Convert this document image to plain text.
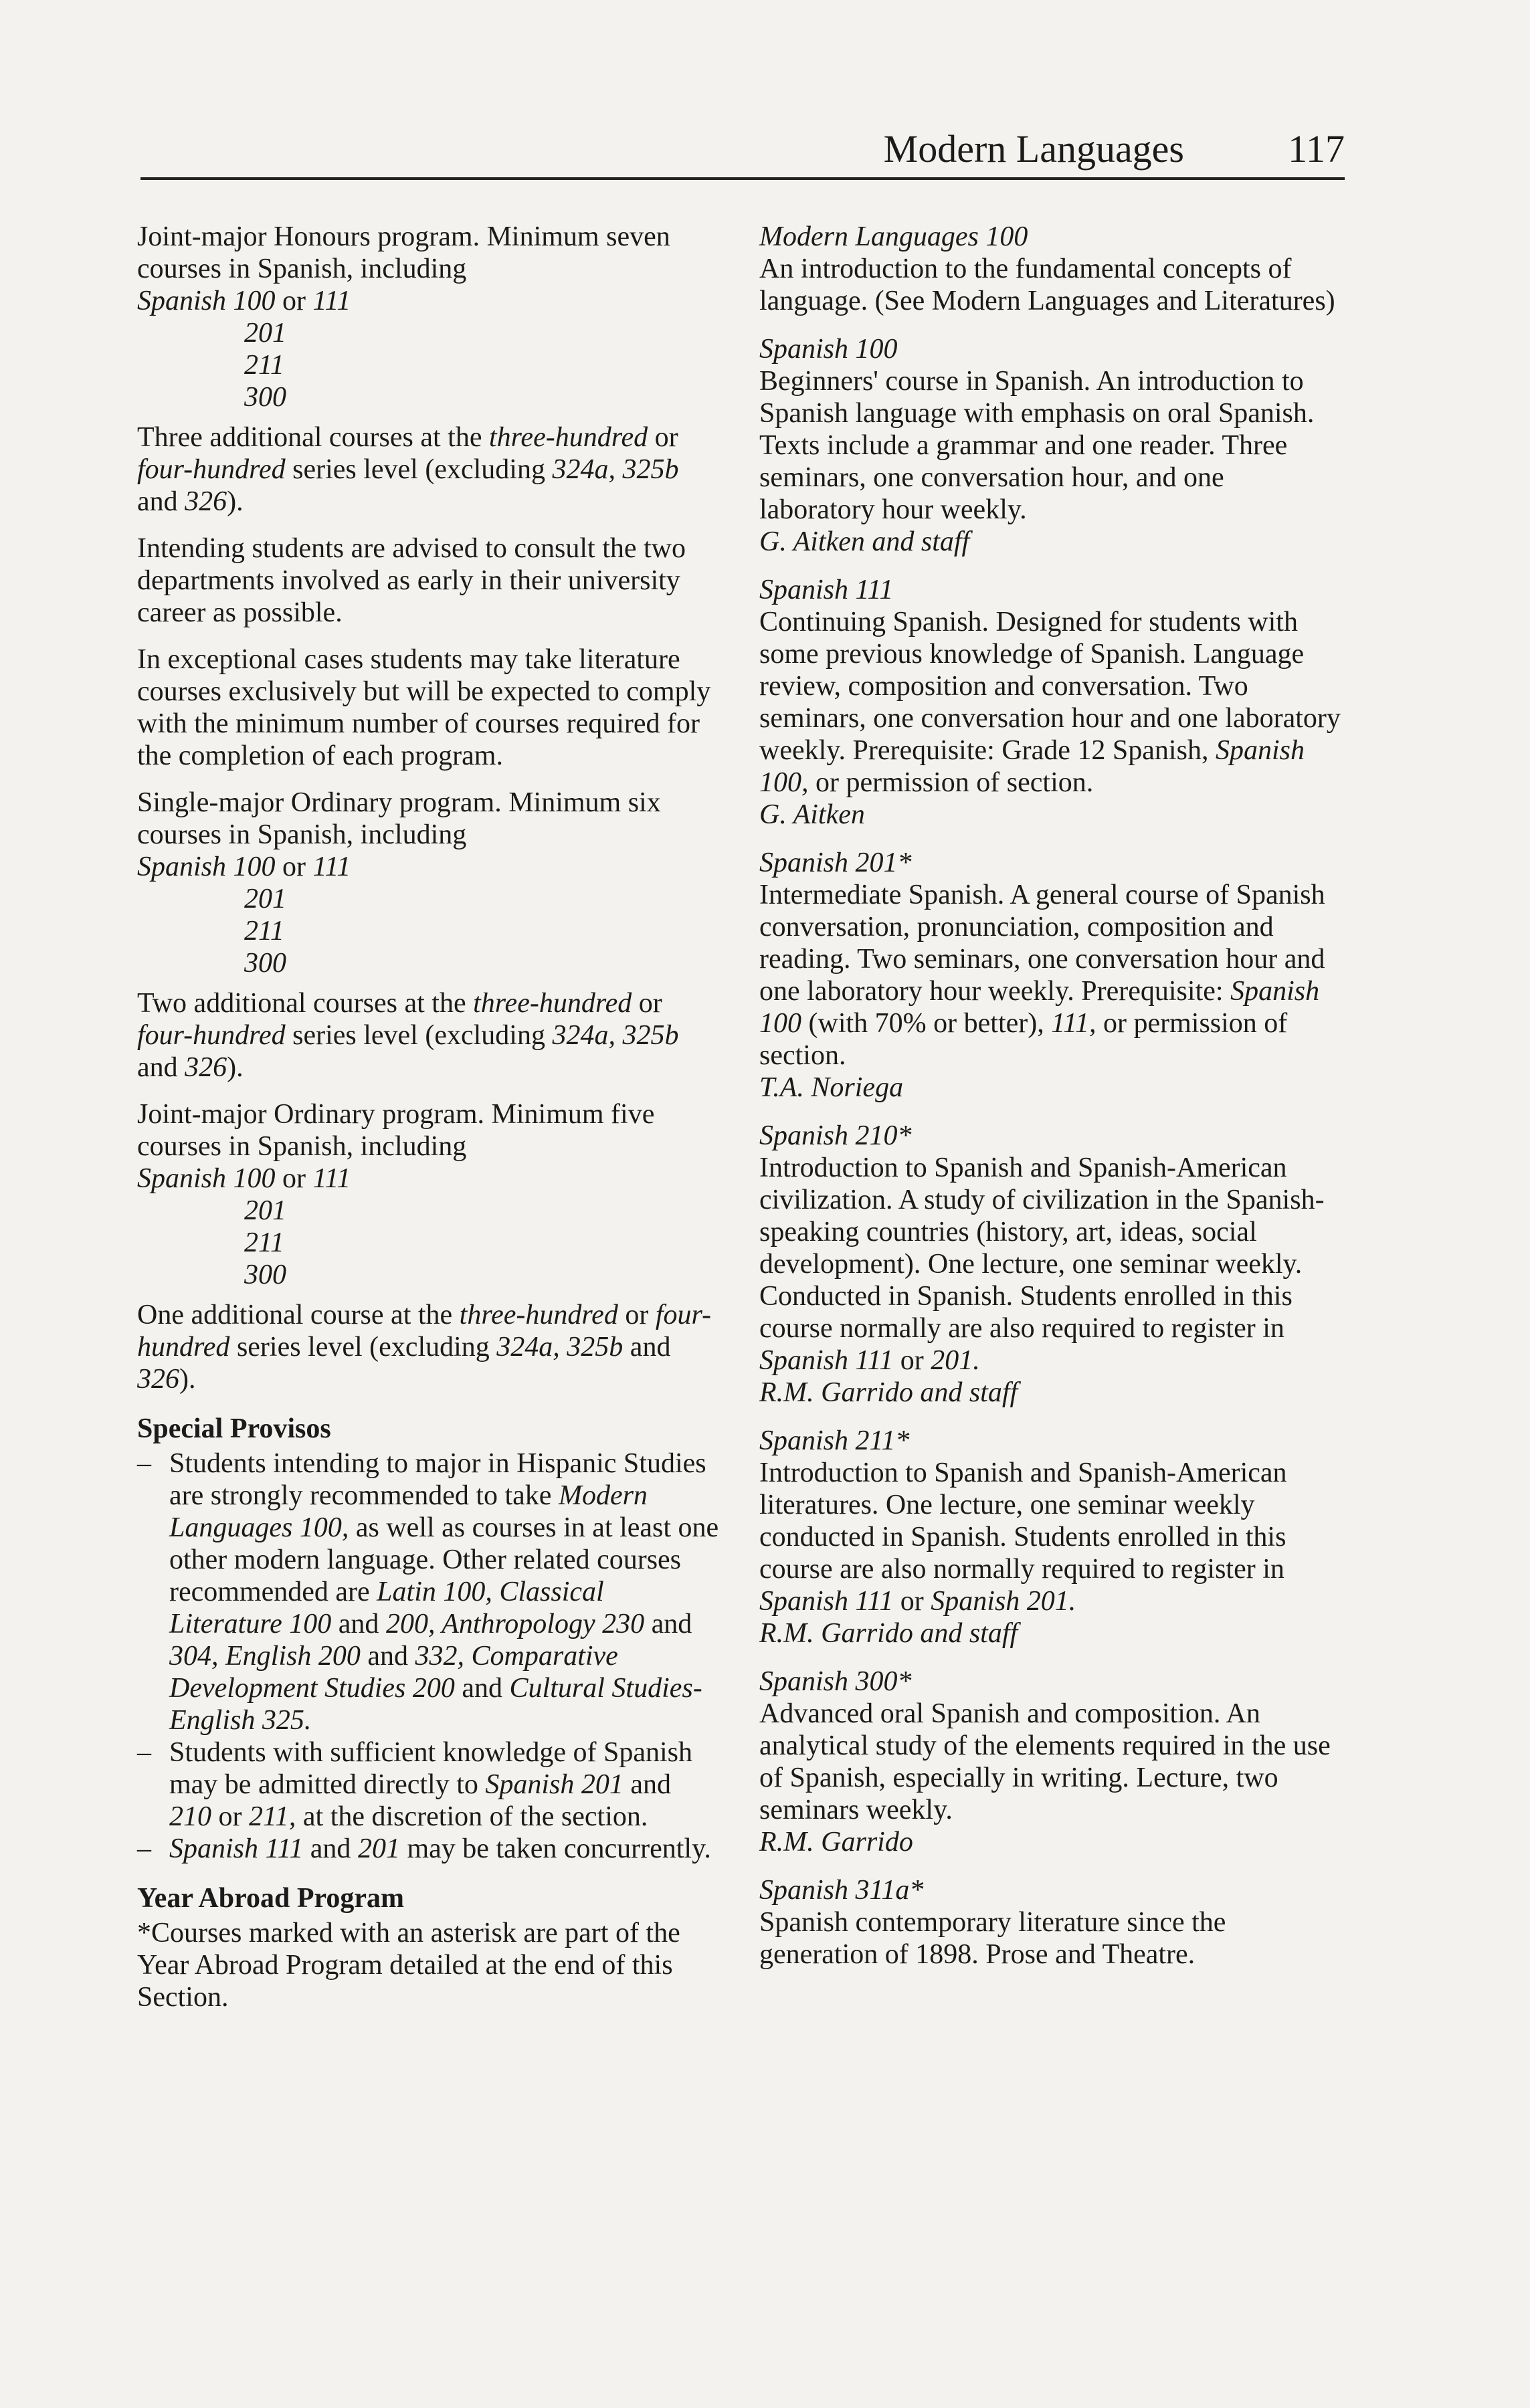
Modern Languages	117
Joint-major Honours program. Minimum seven courses in Spanish, including
Spanish 100 or 111
201
211
300

Three additional courses at the three-hundred or four-hundred series level (excluding 324a, 325b and 326).

Intending students are advised to consult the two departments involved as early in their university career as possible.

In exceptional cases students may take literature courses exclusively but will be expected to comply with the minimum number of courses required for the completion of each program.

Single-major Ordinary program. Minimum six courses in Spanish, including
Spanish 100 or 111
201
211
300

Two additional courses at the three-hundred or four-hundred series level (excluding 324a, 325b and 326).

Joint-major Ordinary program. Minimum five courses in Spanish, including
Spanish 100 or 111
201
211
300

One additional course at the three-hundred or four-hundred series level (excluding 324a, 325b and 326).

Special Provisos
– Students intending to major in Hispanic Studies are strongly recommended to take Modern Languages 100, as well as courses in at least one other modern language. Other related courses recommended are Latin 100, Classical Literature 100 and 200, Anthropology 230 and 304, English 200 and 332, Comparative Development Studies 200 and Cultural Studies-English 325.
– Students with sufficient knowledge of Spanish may be admitted directly to Spanish 201 and 210 or 211, at the discretion of the section.
– Spanish 111 and 201 may be taken concurrently.
Year Abroad Program

*Courses marked with an asterisk are part of the Year Abroad Program detailed at the end of this Section.

Modern Languages 100
An introduction to the fundamental concepts of language. (See Modern Languages and Literatures)
Spanish 100
Beginners' course in Spanish. An introduction to Spanish language with emphasis on oral Spanish. Texts include a grammar and one reader. Three seminars, one conversation hour, and one laboratory hour weekly.
G. Aitken and staff
Spanish 111
Continuing Spanish. Designed for students with some previous knowledge of Spanish. Language review, composition and conversation. Two seminars, one conversation hour and one laboratory weekly. Prerequisite: Grade 12 Spanish, Spanish 100, or permission of section.
G. Aitken
Spanish 201*
Intermediate Spanish. A general course of Spanish conversation, pronunciation, composition and reading. Two seminars, one conversation hour and one laboratory hour weekly. Prerequisite: Spanish 100 (with 70% or better), 111, or permission of section.
T.A. Noriega
Spanish 210*
Introduction to Spanish and Spanish-American civilization. A study of civilization in the Spanish-speaking countries (history, art, ideas, social development). One lecture, one seminar weekly. Conducted in Spanish. Students enrolled in this course normally are also required to register in Spanish 111 or 201.
R.M. Garrido and staff
Spanish 211*
Introduction to Spanish and Spanish-American literatures. One lecture, one seminar weekly conducted in Spanish. Students enrolled in this course are also normally required to register in Spanish 111 or Spanish 201.
R.M. Garrido and staff
Spanish 300*
Advanced oral Spanish and composition. An analytical study of the elements required in the use of Spanish, especially in writing. Lecture, two seminars weekly.
R.M. Garrido
Spanish 311a*
Spanish contemporary literature since the generation of 1898. Prose and Theatre.
